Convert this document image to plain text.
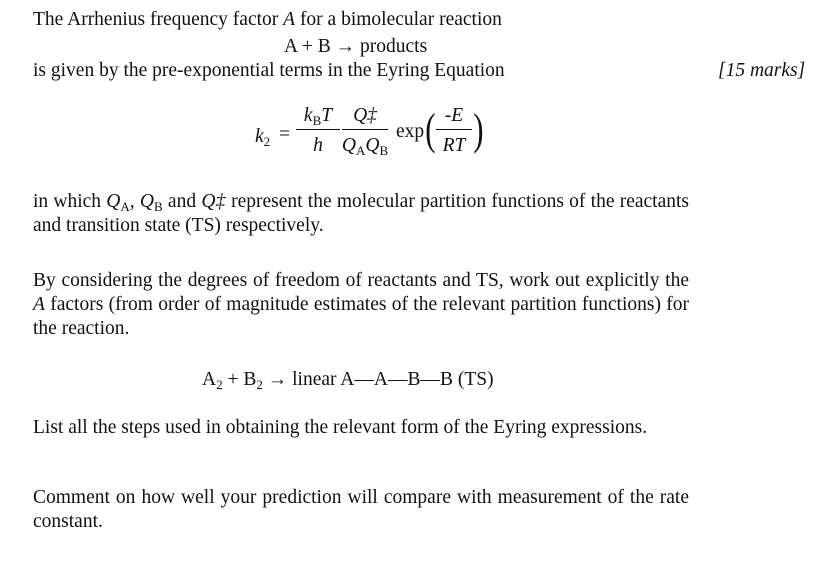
The Arrhenius frequency factor A for a bimolecular reaction
A + B → products
is given by the pre-exponential terms in the Eyring Equation	[15 marks]
$k_2$ =
$k_BT$
h
Q‡
$Q_AQ_B$
exp ( -E
RT )
in which $Q_A$, $Q_B$ and Q‡ represent the molecular partition functions of the reactants and transition state (TS) respectively.
By considering the degrees of freedom of reactants and TS, work out explicitly the A factors (from order of magnitude estimates of the relevant partition functions) for the reaction.
$A_2 + B_2$ → linear A—A—B—B (TS)
List all the steps used in obtaining the relevant form of the Eyring expressions.
Comment on how well your prediction will compare with measurement of the rate constant.
